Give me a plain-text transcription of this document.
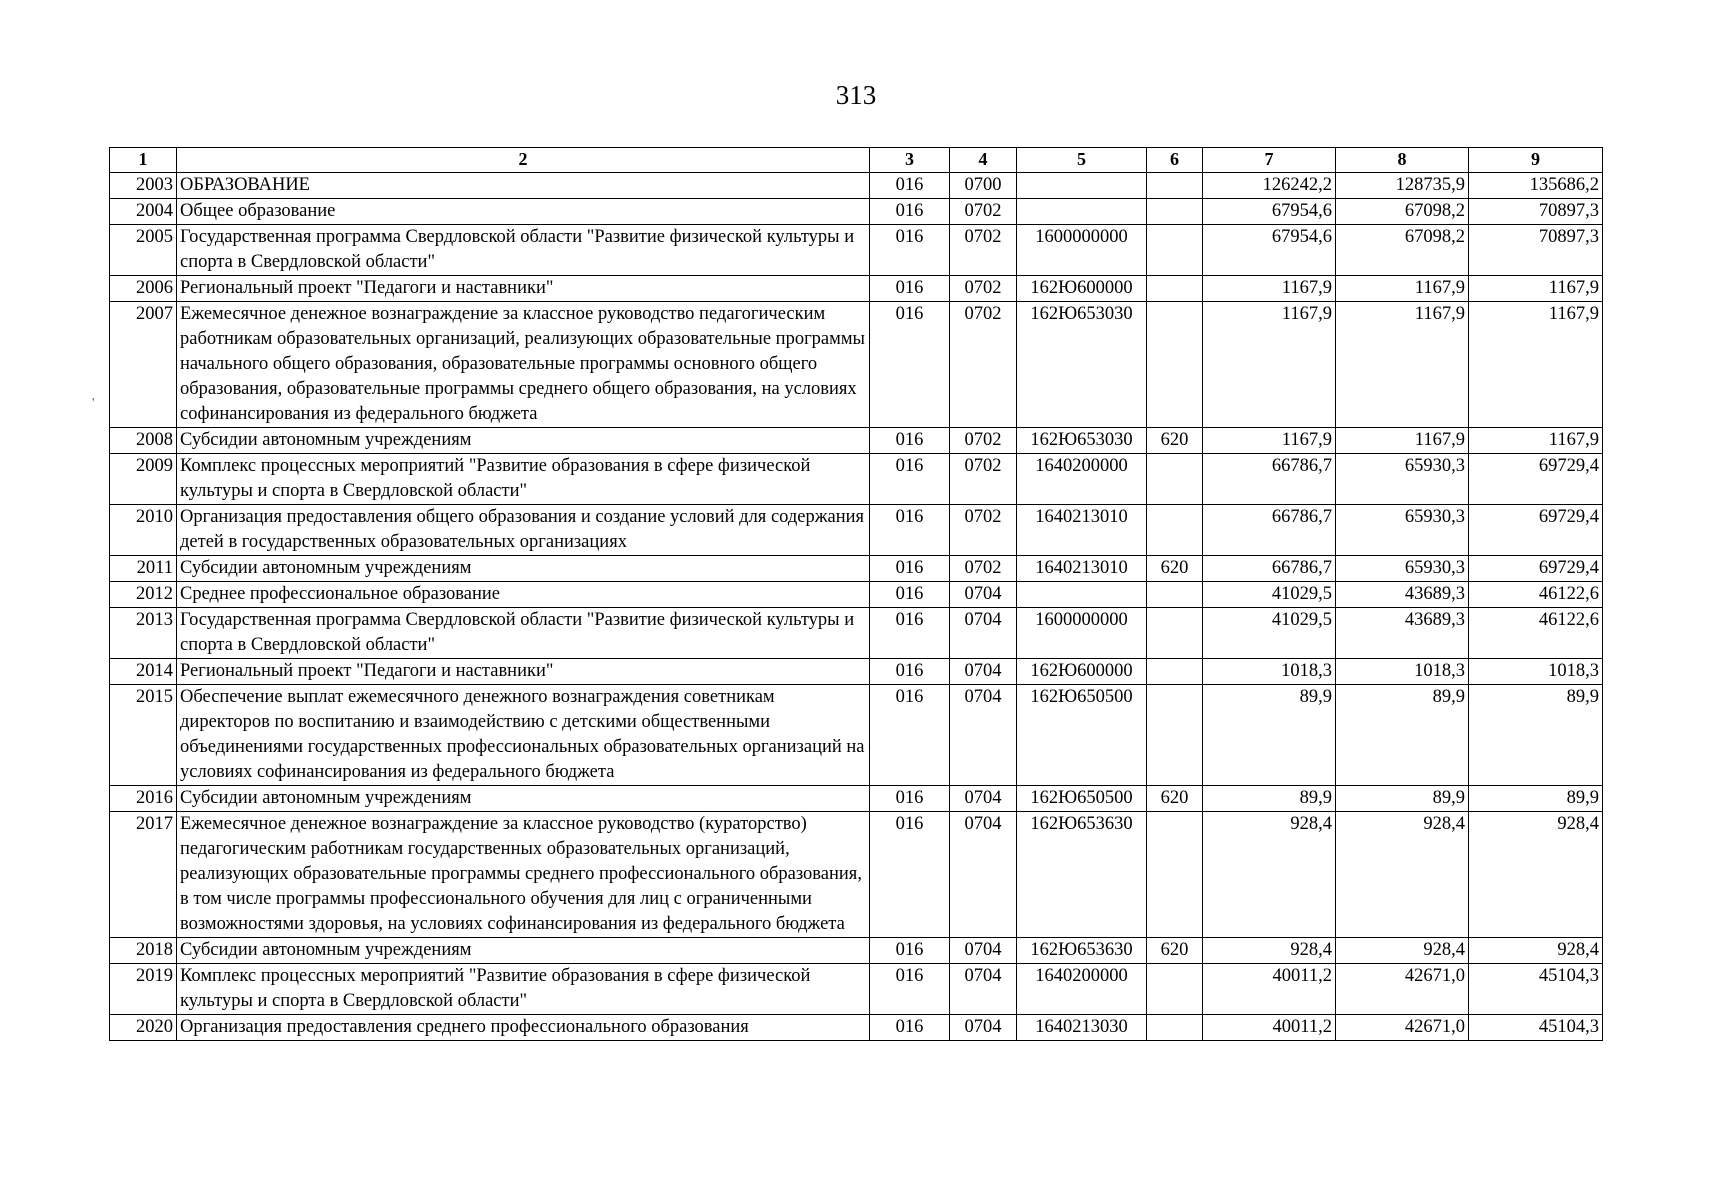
313
'
1	2	3	4	5	6	7	8	9
2003	ОБРАЗОВАНИЕ	016	0700			126242,2	128735,9	135686,2
2004	Общее образование	016	0702			67954,6	67098,2	70897,3
2005	Государственная программа Свердловской области "Развитие физической культуры и спорта в Свердловской области"	016	0702	1600000000		67954,6	67098,2	70897,3
2006	Региональный проект "Педагоги и наставники"	016	0702	162Ю600000		1167,9	1167,9	1167,9
2007	Ежемесячное денежное вознаграждение за классное руководство педагогическим работникам образовательных организаций, реализующих образовательные программы начального общего образования, образовательные программы основного общего образования, образовательные программы среднего общего образования, на условиях софинансирования из федерального бюджета	016	0702	162Ю653030		1167,9	1167,9	1167,9
2008	Субсидии автономным учреждениям	016	0702	162Ю653030	620	1167,9	1167,9	1167,9
2009	Комплекс процессных мероприятий "Развитие образования в сфере физической культуры и спорта в Свердловской области"	016	0702	1640200000		66786,7	65930,3	69729,4
2010	Организация предоставления общего образования и создание условий для содержания детей в государственных образовательных организациях	016	0702	1640213010		66786,7	65930,3	69729,4
2011	Субсидии автономным учреждениям	016	0702	1640213010	620	66786,7	65930,3	69729,4
2012	Среднее профессиональное образование	016	0704			41029,5	43689,3	46122,6
2013	Государственная программа Свердловской области "Развитие физической культуры и спорта в Свердловской области"	016	0704	1600000000		41029,5	43689,3	46122,6
2014	Региональный проект "Педагоги и наставники"	016	0704	162Ю600000		1018,3	1018,3	1018,3
2015	Обеспечение выплат ежемесячного денежного вознаграждения советникам директоров по воспитанию и взаимодействию с детскими общественными объединениями государственных профессиональных образовательных организаций на условиях софинансирования из федерального бюджета	016	0704	162Ю650500		89,9	89,9	89,9
2016	Субсидии автономным учреждениям	016	0704	162Ю650500	620	89,9	89,9	89,9
2017	Ежемесячное денежное вознаграждение за классное руководство (кураторство) педагогическим работникам государственных образовательных организаций, реализующих образовательные программы среднего профессионального образования, в том числе программы профессионального обучения для лиц с ограниченными возможностями здоровья, на условиях софинансирования из федерального бюджета	016	0704	162Ю653630		928,4	928,4	928,4
2018	Субсидии автономным учреждениям	016	0704	162Ю653630	620	928,4	928,4	928,4
2019	Комплекс процессных мероприятий "Развитие образования в сфере физической культуры и спорта в Свердловской области"	016	0704	1640200000		40011,2	42671,0	45104,3
2020	Организация предоставления среднего профессионального образования	016	0704	1640213030		40011,2	42671,0	45104,3
